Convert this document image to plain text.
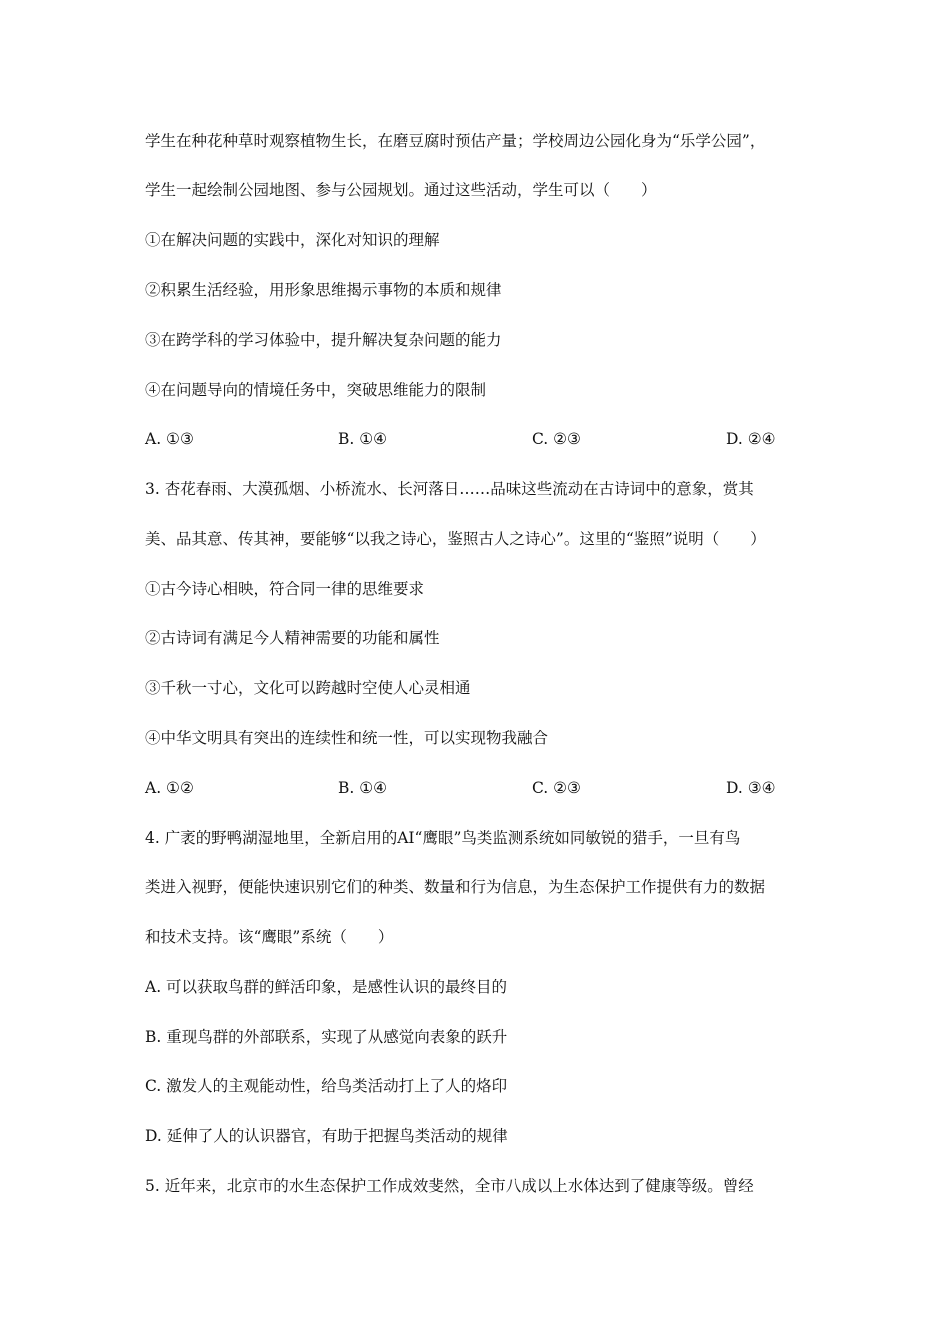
学生在种花种草时观察植物生长，在磨豆腐时预估产量；学校周边公园化身为“乐学公园”，
学生一起绘制公园地图、参与公园规划。通过这些活动，学生可以（　　）
①在解决问题的实践中，深化对知识的理解
②积累生活经验，用形象思维揭示事物的本质和规律
③在跨学科的学习体验中，提升解决复杂问题的能力
④在问题导向的情境任务中，突破思维能力的限制
A. ①③	B. ①④	C. ②③	D. ②④
3. 杏花春雨、大漠孤烟、小桥流水、长河落日……品味这些流动在古诗词中的意象，赏其
美、品其意、传其神，要能够“以我之诗心，鉴照古人之诗心”。这里的“鉴照”说明（　　）
①古今诗心相映，符合同一律的思维要求
②古诗词有满足今人精神需要的功能和属性
③千秋一寸心，文化可以跨越时空使人心灵相通
④中华文明具有突出的连续性和统一性，可以实现物我融合
A. ①②	B. ①④	C. ②③	D. ③④
4. 广袤的野鸭湖湿地里，全新启用的AI“鹰眼”鸟类监测系统如同敏锐的猎手，一旦有鸟
类进入视野，便能快速识别它们的种类、数量和行为信息，为生态保护工作提供有力的数据
和技术支持。该“鹰眼”系统（　　）
A. 可以获取鸟群的鲜活印象，是感性认识的最终目的
B. 重现鸟群的外部联系，实现了从感觉向表象的跃升
C. 激发人的主观能动性，给鸟类活动打上了人的烙印
D. 延伸了人的认识器官，有助于把握鸟类活动的规律
5. 近年来，北京市的水生态保护工作成效斐然，全市八成以上水体达到了健康等级。曾经
